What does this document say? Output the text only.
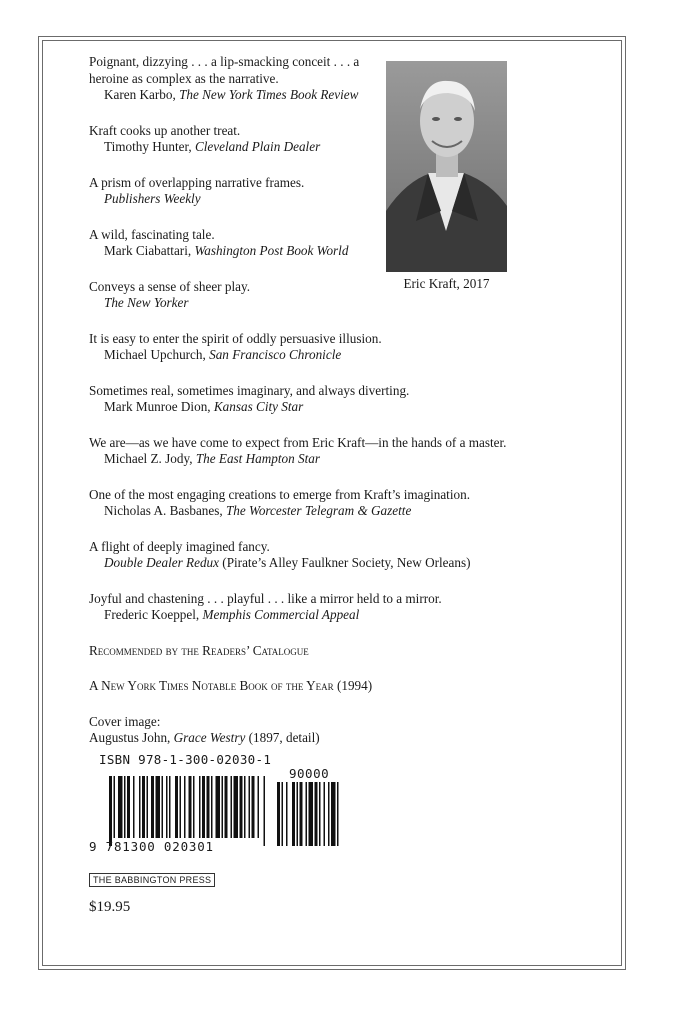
Poignant, dizzying . . . a lip-smacking conceit . . . a heroine as complex as the narrative.
Karen Karbo, The New York Times Book Review
Kraft cooks up another treat.
Timothy Hunter, Cleveland Plain Dealer
A prism of overlapping narrative frames.
Publishers Weekly
A wild, fascinating tale.
Mark Ciabattari, Washington Post Book World
Conveys a sense of sheer play.
The New Yorker
It is easy to enter the spirit of oddly persuasive illusion.
Michael Upchurch, San Francisco Chronicle
Sometimes real, sometimes imaginary, and always diverting.
Mark Munroe Dion, Kansas City Star
We are—as we have come to expect from Eric Kraft—in the hands of a master.
Michael Z. Jody, The East Hampton Star
One of the most engaging creations to emerge from Kraft’s imagination.
Nicholas A. Basbanes, The Worcester Telegram & Gazette
A flight of deeply imagined fancy.
Double Dealer Redux (Pirate’s Alley Faulkner Society, New Orleans)
Joyful and chastening . . . playful . . . like a mirror held to a mirror.
Frederic Koeppel, Memphis Commercial Appeal
Recommended by the Readers’ Catalogue
A New York Times Notable Book of the Year (1994)
Cover image:
Augustus John, Grace Westry (1897, detail)
Eric Kraft, 2017
ISBN 978-1-300-02030-1
90000
9 781300 020301
THE BABBINGTON PRESS
$19.95
